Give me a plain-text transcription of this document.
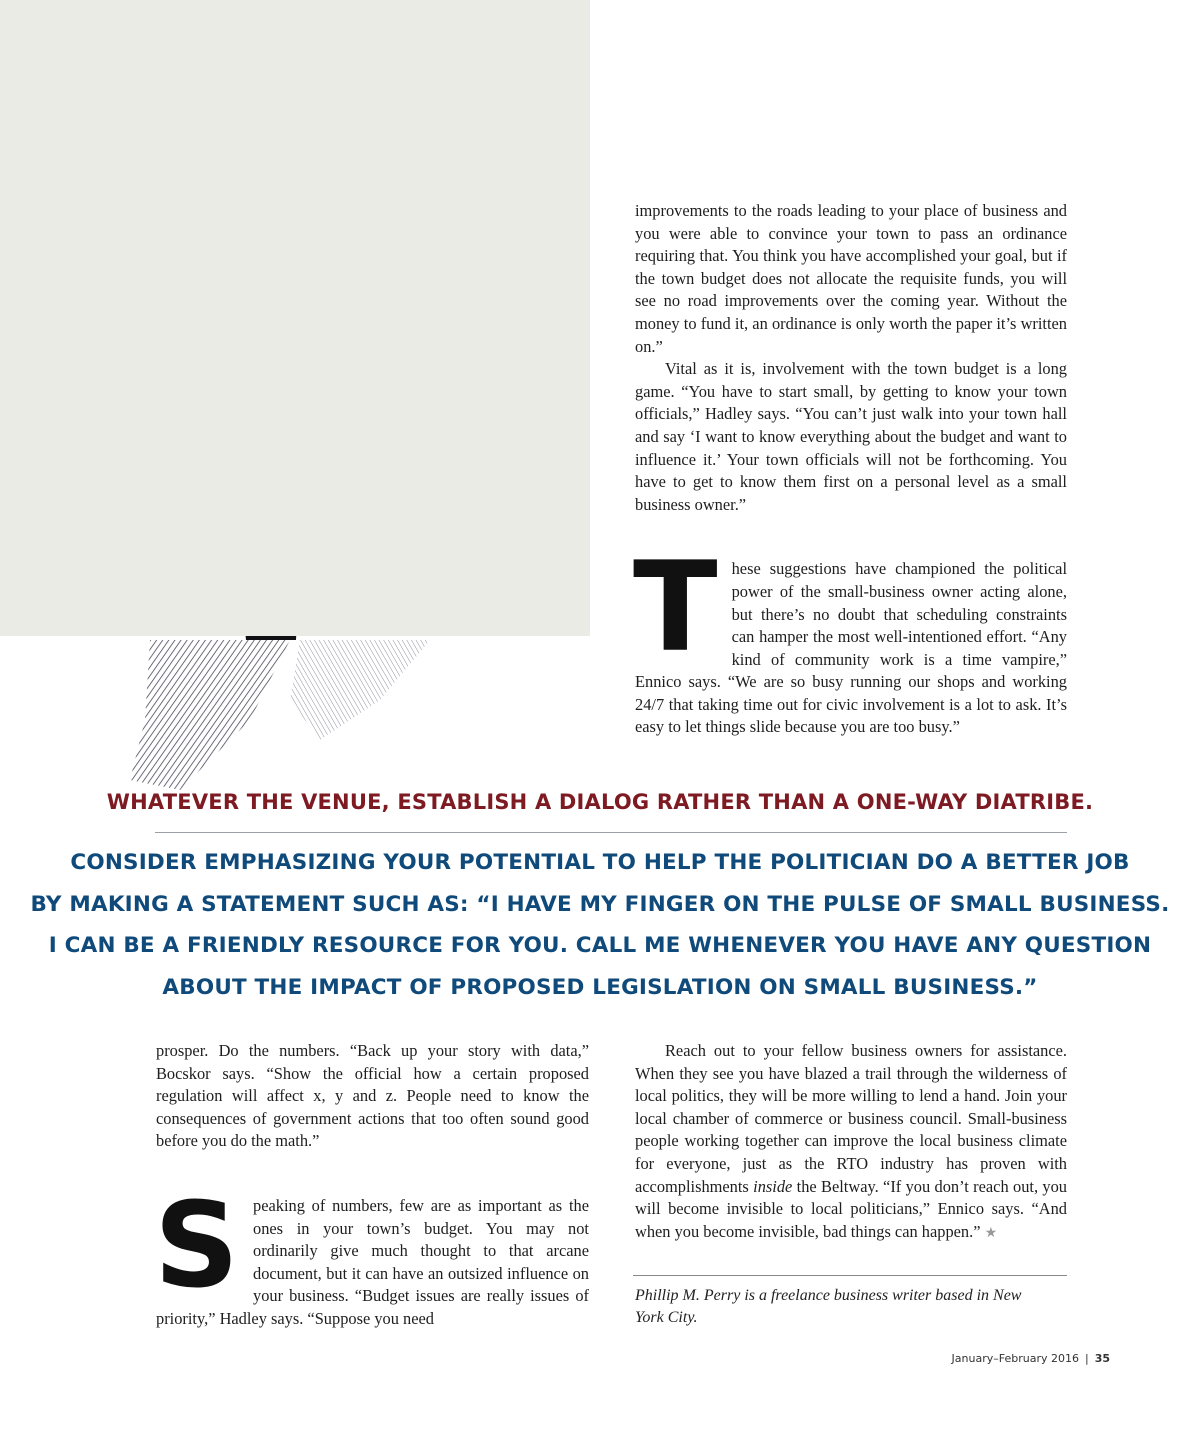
improvements to the roads leading to your place of business and you were able to convince your town to pass an ordinance requiring that. You think you have accomplished your goal, but if the town budget does not allocate the requisite funds, you will see no road improvements over the coming year. Without the money to fund it, an ordinance is only worth the paper it’s written on.”

Vital as it is, involvement with the town budget is a long game. “You have to start small, by getting to know your town officials,” Hadley says. “You can’t just walk into your town hall and say ‘I want to know everything about the budget and want to influence it.’ Your town officials will not be forthcoming. You have to get to know them first on a personal level as a small business owner.”

T hese suggestions have championed the political power of the small-business owner acting alone, but there’s no doubt that scheduling constraints can hamper the most well-intentioned effort. “Any kind of community work is a time vampire,” Ennico says. “We are so busy running our shops and working 24/7 that taking time out for civic involvement is a lot to ask. It’s easy to let things slide because you are too busy.”

WHATEVER THE VENUE, ESTABLISH A DIALOG RATHER THAN A ONE-WAY DIATRIBE.
CONSIDER EMPHASIZING YOUR POTENTIAL TO HELP THE POLITICIAN DO A BETTER JOB
BY MAKING A STATEMENT SUCH AS: “I HAVE MY FINGER ON THE PULSE OF SMALL BUSINESS.
I CAN BE A FRIENDLY RESOURCE FOR YOU. CALL ME WHENEVER YOU HAVE ANY QUESTION
ABOUT THE IMPACT OF PROPOSED LEGISLATION ON SMALL BUSINESS.”

prosper. Do the numbers. “Back up your story with data,” Bocskor says. “Show the official how a certain proposed regulation will affect x, y and z. People need to know the consequences of government actions that too often sound good before you do the math.”

S peaking of numbers, few are as important as the ones in your town’s budget. You may not ordinarily give much thought to that arcane document, but it can have an outsized influence on your business. “Budget issues are really issues of priority,” Hadley says. “Suppose you need

Reach out to your fellow business owners for assistance. When they see you have blazed a trail through the wilderness of local politics, they will be more willing to lend a hand. Join your local chamber of commerce or business council. Small-business people working together can improve the local business climate for everyone, just as the RTO industry has proven with accomplishments inside the Beltway. “If you don’t reach out, you will become invisible to local politicians,” Ennico says. “And when you become invisible, bad things can happen.” ★

Phillip M. Perry is a freelance business writer based in New York City.
January–February 2016 | 35
